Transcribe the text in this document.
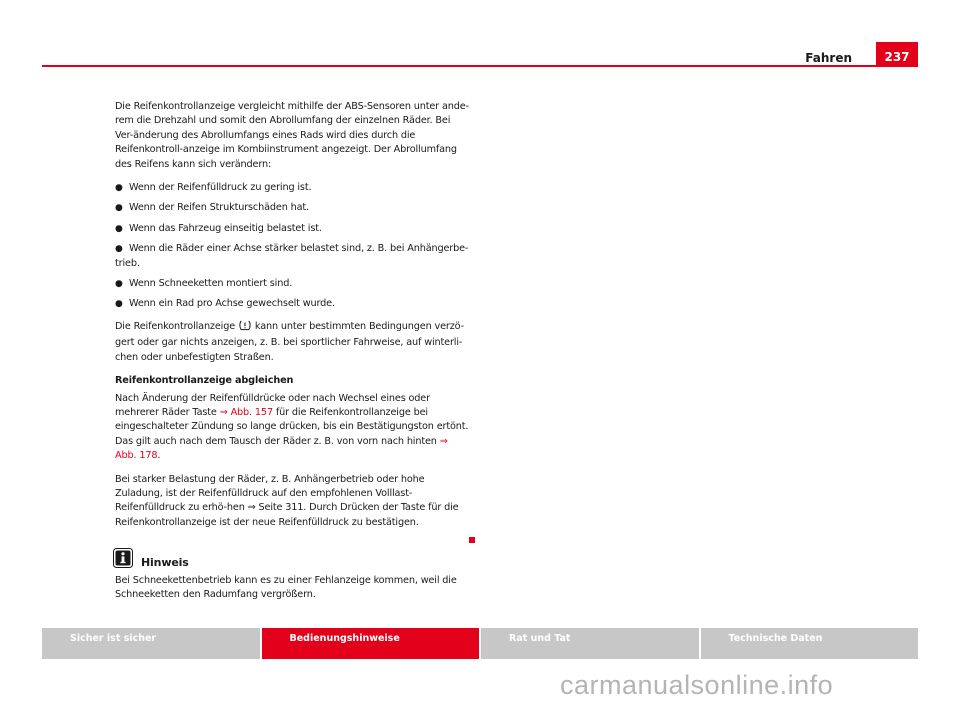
Fahren	237

Die Reifenkontrollanzeige vergleicht mithilfe der ABS-Sensoren unter ande-rem die Drehzahl und somit den Abrollumfang der einzelnen Räder. Bei Ver-änderung des Abrollumfangs eines Rads wird dies durch die Reifenkontroll-anzeige im Kombiinstrument angezeigt. Der Abrollumfang des Reifens kann sich verändern:

● Wenn der Reifenfülldruck zu gering ist.
● Wenn der Reifen Strukturschäden hat.
● Wenn das Fahrzeug einseitig belastet ist.
● Wenn die Räder einer Achse stärker belastet sind, z. B. bei Anhängerbe-trieb.
● Wenn Schneeketten montiert sind.
● Wenn ein Rad pro Achse gewechselt wurde.

Die Reifenkontrollanzeige kann unter bestimmten Bedingungen verzö-gert oder gar nichts anzeigen, z. B. bei sportlicher Fahrweise, auf winterli-chen oder unbefestigten Straßen.

Reifenkontrollanzeige abgleichen

Nach Änderung der Reifenfülldrücke oder nach Wechsel eines oder mehrerer Räder Taste ⇒ Abb. 157 für die Reifenkontrollanzeige bei eingeschalteter Zündung so lange drücken, bis ein Bestätigungston ertönt. Das gilt auch nach dem Tausch der Räder z. B. von vorn nach hinten ⇒ Abb. 178.

Bei starker Belastung der Räder, z. B. Anhängerbetrieb oder hohe Zuladung, ist der Reifenfülldruck auf den empfohlenen Volllast-Reifenfülldruck zu erhö-hen ⇒ Seite 311. Durch Drücken der Taste für die Reifenkontrollanzeige ist der neue Reifenfülldruck zu bestätigen.

Hinweis

Bei Schneekettenbetrieb kann es zu einer Fehlanzeige kommen, weil die Schneeketten den Radumfang vergrößern.

Sicher ist sicher	Bedienungshinweise	Rat und Tat	Technische Daten
carmanualsonline.info
